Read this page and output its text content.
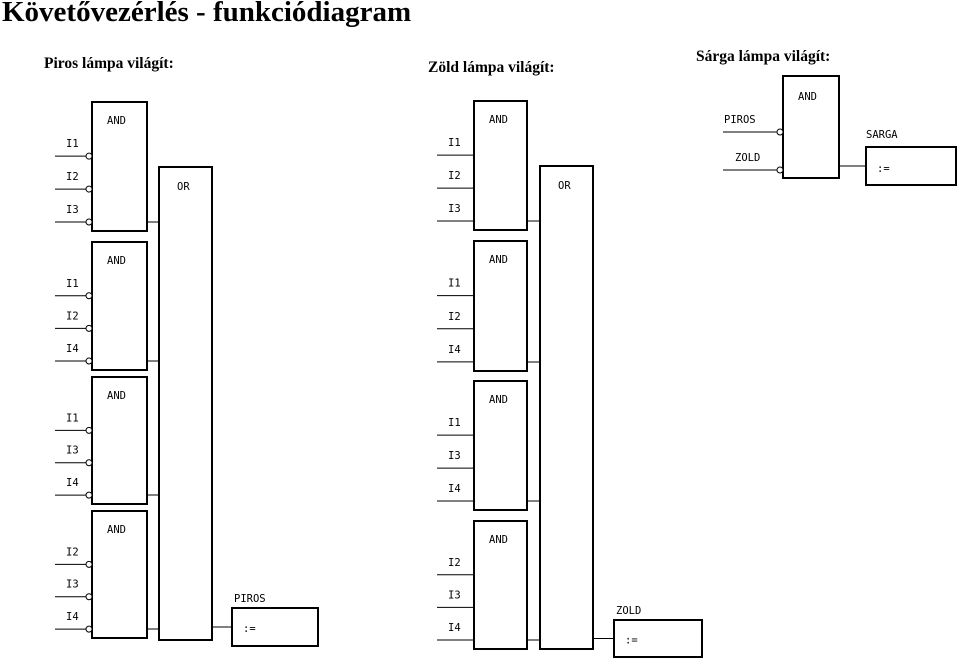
Követővezérlés - funkciódiagram
Piros lámpa világít:
AND
I1
I2
I3
AND
I1
I2
I4
AND
I1
I3
I4
AND
I2
I3
I4
OR
PIROS
:=
Zöld lámpa világít:
AND
I1
I2
I3
AND
I1
I2
I4
AND
I1
I3
I4
AND
I2
I3
I4
OR
ZOLD
:=
Sárga lámpa világít:
AND
PIROS
ZOLD
SARGA
:=
